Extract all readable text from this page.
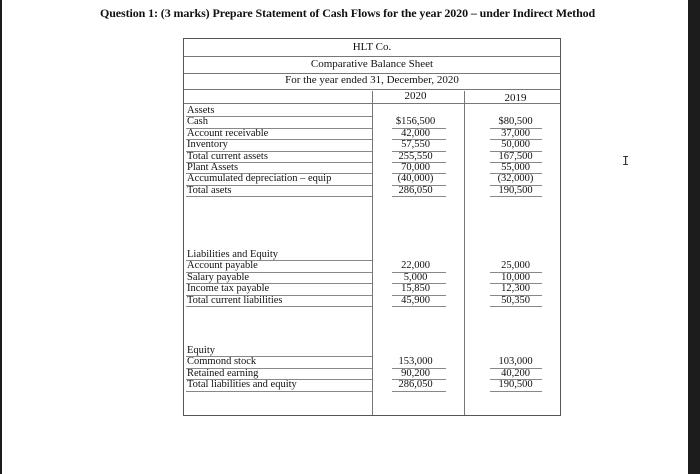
Question 1: (3 marks) Prepare Statement of Cash Flows for the year 2020 – under Indirect Method
HLT Co.
Comparative Balance Sheet
For the year ended 31, December, 2020
2020	2019
Assets
Cash	$156,500	$80,500
Account receivable	42,000	37,000
Inventory	57,550	50,000
Total current assets	255,550	167,500
Plant Assets	70,000	55,000
Accumulated depreciation – equip	(40,000)	(32,000)
Total asets	286,050	190,500
Liabilities and Equity
Account payable	22,000	25,000
Salary payable	5,000	10,000
Income tax payable	15,850	12,300
Total current liabilities	45,900	50,350
Equity
Commond stock	153,000	103,000
Retained earning	90,200	40,200
Total liabilities and equity	286,050	190,500
I
